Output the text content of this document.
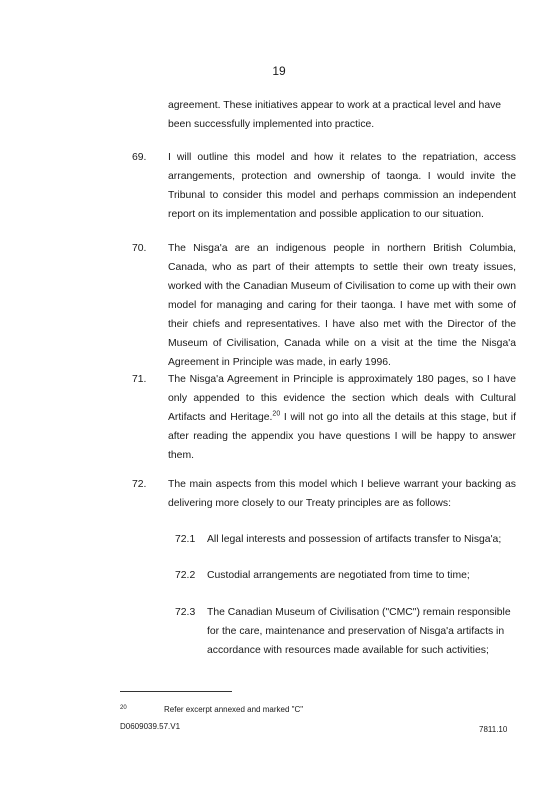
19
agreement. These initiatives appear to work at a practical level and have been successfully implemented into practice.
69. I will outline this model and how it relates to the repatriation, access arrangements, protection and ownership of taonga. I would invite the Tribunal to consider this model and perhaps commission an independent report on its implementation and possible application to our situation.
70. The Nisga'a are an indigenous people in northern British Columbia, Canada, who as part of their attempts to settle their own treaty issues, worked with the Canadian Museum of Civilisation to come up with their own model for managing and caring for their taonga. I have met with some of their chiefs and representatives. I have also met with the Director of the Museum of Civilisation, Canada while on a visit at the time the Nisga'a Agreement in Principle was made, in early 1996.
71. The Nisga'a Agreement in Principle is approximately 180 pages, so I have only appended to this evidence the section which deals with Cultural Artifacts and Heritage.$^{20}$ I will not go into all the details at this stage, but if after reading the appendix you have questions I will be happy to answer them.
72. The main aspects from this model which I believe warrant your backing as delivering more closely to our Treaty principles are as follows:
72.1 All legal interests and possession of artifacts transfer to Nisga'a;
72.2 Custodial arrangements are negotiated from time to time;
72.3 The Canadian Museum of Civilisation ("CMC") remain responsible for the care, maintenance and preservation of Nisga'a artifacts in accordance with resources made available for such activities;
20	Refer excerpt annexed and marked "C"
D0609039.57.V1	7811.10
